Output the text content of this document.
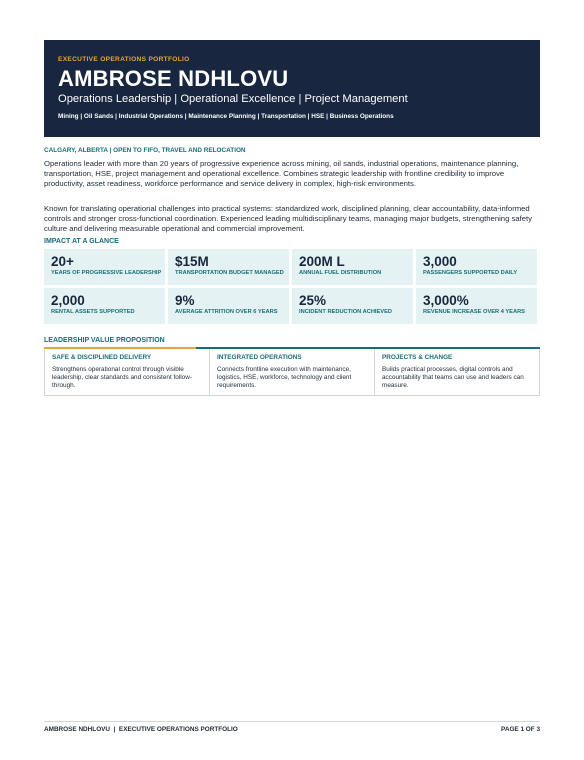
EXECUTIVE OPERATIONS PORTFOLIO
AMBROSE NDHLOVU
Operations Leadership | Operational Excellence | Project Management
Mining | Oil Sands | Industrial Operations | Maintenance Planning | Transportation | HSE | Business Operations
CALGARY, ALBERTA | OPEN TO FIFO, TRAVEL AND RELOCATION
Operations leader with more than 20 years of progressive experience across mining, oil sands, industrial operations, maintenance planning, transportation, HSE, project management and operational excellence. Combines strategic leadership with frontline credibility to improve productivity, asset readiness, workforce performance and service delivery in complex, high-risk environments.
Known for translating operational challenges into practical systems: standardized work, disciplined planning, clear accountability, data-informed controls and stronger cross-functional coordination. Experienced leading multidisciplinary teams, managing major budgets, strengthening safety culture and delivering measurable operational and commercial improvement.
IMPACT AT A GLANCE
20+
YEARS OF PROGRESSIVE LEADERSHIP
$15M
TRANSPORTATION BUDGET MANAGED
200M L
ANNUAL FUEL DISTRIBUTION
3,000
PASSENGERS SUPPORTED DAILY
2,000
RENTAL ASSETS SUPPORTED
9%
AVERAGE ATTRITION OVER 6 YEARS
25%
INCIDENT REDUCTION ACHIEVED
3,000%
REVENUE INCREASE OVER 4 YEARS
LEADERSHIP VALUE PROPOSITION
SAFE & DISCIPLINED DELIVERY
Strengthens operational control through visible leadership, clear standards and consistent follow-through.
INTEGRATED OPERATIONS
Connects frontline execution with maintenance, logistics, HSE, workforce, technology and client requirements.
PROJECTS & CHANGE
Builds practical processes, digital controls and accountability that teams can use and leaders can measure.
AMBROSE NDHLOVU  |  EXECUTIVE OPERATIONS PORTFOLIO	PAGE 1 OF 3
